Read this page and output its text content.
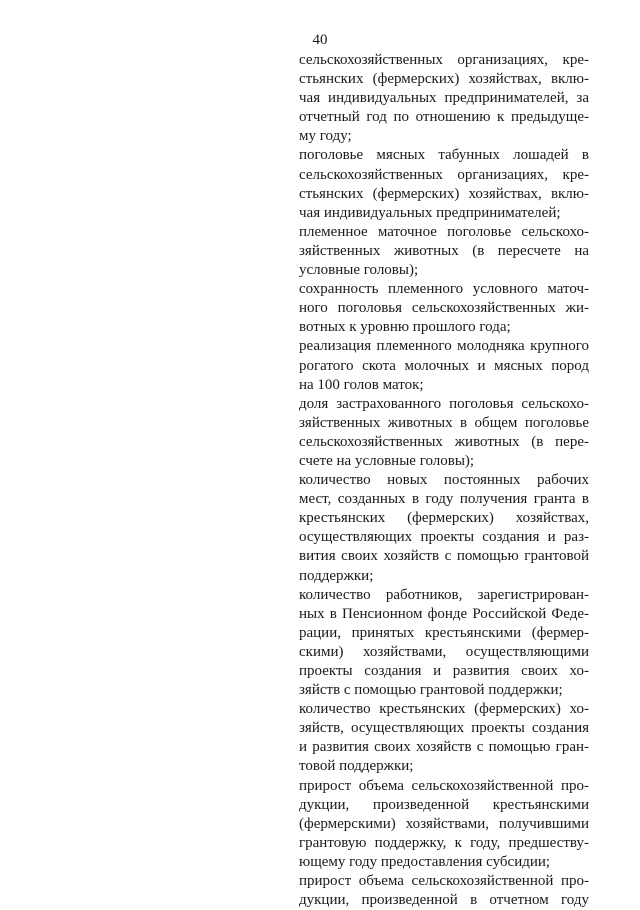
40
сельскохозяйственных организациях, кре-
стьянских (фермерских) хозяйствах, вклю-
чая индивидуальных предпринимателей, за
отчетный год по отношению к предыдуще-
му году;
поголовье мясных табунных лошадей в
сельскохозяйственных организациях, кре-
стьянских (фермерских) хозяйствах, вклю-
чая индивидуальных предпринимателей;
племенное маточное поголовье сельскохо-
зяйственных животных (в пересчете на
условные головы);
сохранность племенного условного маточ-
ного поголовья сельскохозяйственных жи-
вотных к уровню прошлого года;
реализация племенного молодняка крупного
рогатого скота молочных и мясных пород
на 100 голов маток;
доля застрахованного поголовья сельскохо-
зяйственных животных в общем поголовье
сельскохозяйственных животных (в пере-
счете на условные головы);
количество новых постоянных рабочих
мест, созданных в году получения гранта в
крестьянских (фермерских) хозяйствах,
осуществляющих проекты создания и раз-
вития своих хозяйств с помощью грантовой
поддержки;
количество работников, зарегистрирован-
ных в Пенсионном фонде Российской Феде-
рации, принятых крестьянскими (фермер-
скими) хозяйствами, осуществляющими
проекты создания и развития своих хо-
зяйств с помощью грантовой поддержки;
количество крестьянских (фермерских) хо-
зяйств, осуществляющих проекты создания
и развития своих хозяйств с помощью гран-
товой поддержки;
прирост объема сельскохозяйственной про-
дукции, произведенной крестьянскими
(фермерскими) хозяйствами, получившими
грантовую поддержку, к году, предшеству-
ющему году предоставления субсидии;
прирост объема сельскохозяйственной про-
дукции, произведенной в отчетном году
